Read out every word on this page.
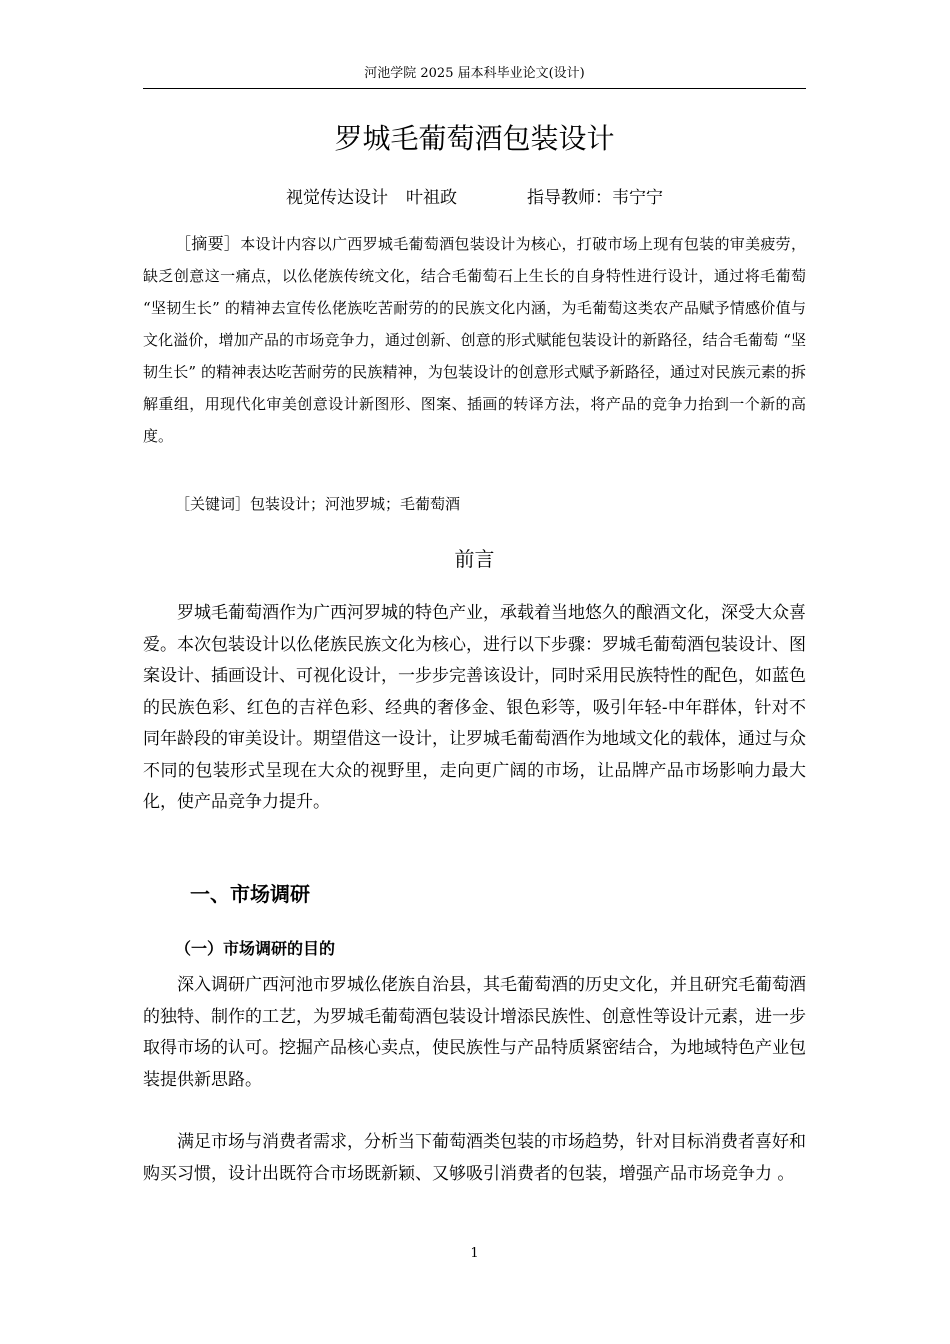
河池学院 2025 届本科毕业论文(设计)
罗城毛葡萄酒包装设计
视觉传达设计 叶祖政	指导教师：韦宁宁

［摘要］本设计内容以广西罗城毛葡萄酒包装设计为核心，打破市场上现有包装的审美疲劳，缺乏创意这一痛点，以仫佬族传统文化，结合毛葡萄石上生长的自身特性进行设计，通过将毛葡萄 “坚韧生长” 的精神去宣传仫佬族吃苦耐劳的的民族文化内涵，为毛葡萄这类农产品赋予情感价值与文化溢价，增加产品的市场竞争力，通过创新、创意的形式赋能包装设计的新路径，结合毛葡萄 “坚韧生长” 的精神表达吃苦耐劳的民族精神，为包装设计的创意形式赋予新路径，通过对民族元素的拆解重组，用现代化审美创意设计新图形、图案、插画的转译方法，将产品的竞争力抬到一个新的高度。

［关键词］包装设计；河池罗城；毛葡萄酒

前言

罗城毛葡萄酒作为广西河罗城的特色产业，承载着当地悠久的酿酒文化，深受大众喜爱。本次包装设计以仫佬族民族文化为核心，进行以下步骤：罗城毛葡萄酒包装设计、图案设计、插画设计、可视化设计，一步步完善该设计，同时采用民族特性的配色，如蓝色的民族色彩、红色的吉祥色彩、经典的奢侈金、银色彩等，吸引年轻-中年群体，针对不同年龄段的审美设计。期望借这一设计，让罗城毛葡萄酒作为地域文化的载体，通过与众不同的包装形式呈现在大众的视野里，走向更广阔的市场，让品牌产品市场影响力最大化，使产品竞争力提升。

一、市场调研
（一）市场调研的目的

深入调研广西河池市罗城仫佬族自治县，其毛葡萄酒的历史文化，并且研究毛葡萄酒的独特、制作的工艺，为罗城毛葡萄酒包装设计增添民族性、创意性等设计元素，进一步取得市场的认可。挖掘产品核心卖点，使民族性与产品特质紧密结合，为地域特色产业包装提供新思路。

满足市场与消费者需求，分析当下葡萄酒类包装的市场趋势，针对目标消费者喜好和购买习惯，设计出既符合市场既新颖、又够吸引消费者的包装，增强产品市场竞争力 。

1
